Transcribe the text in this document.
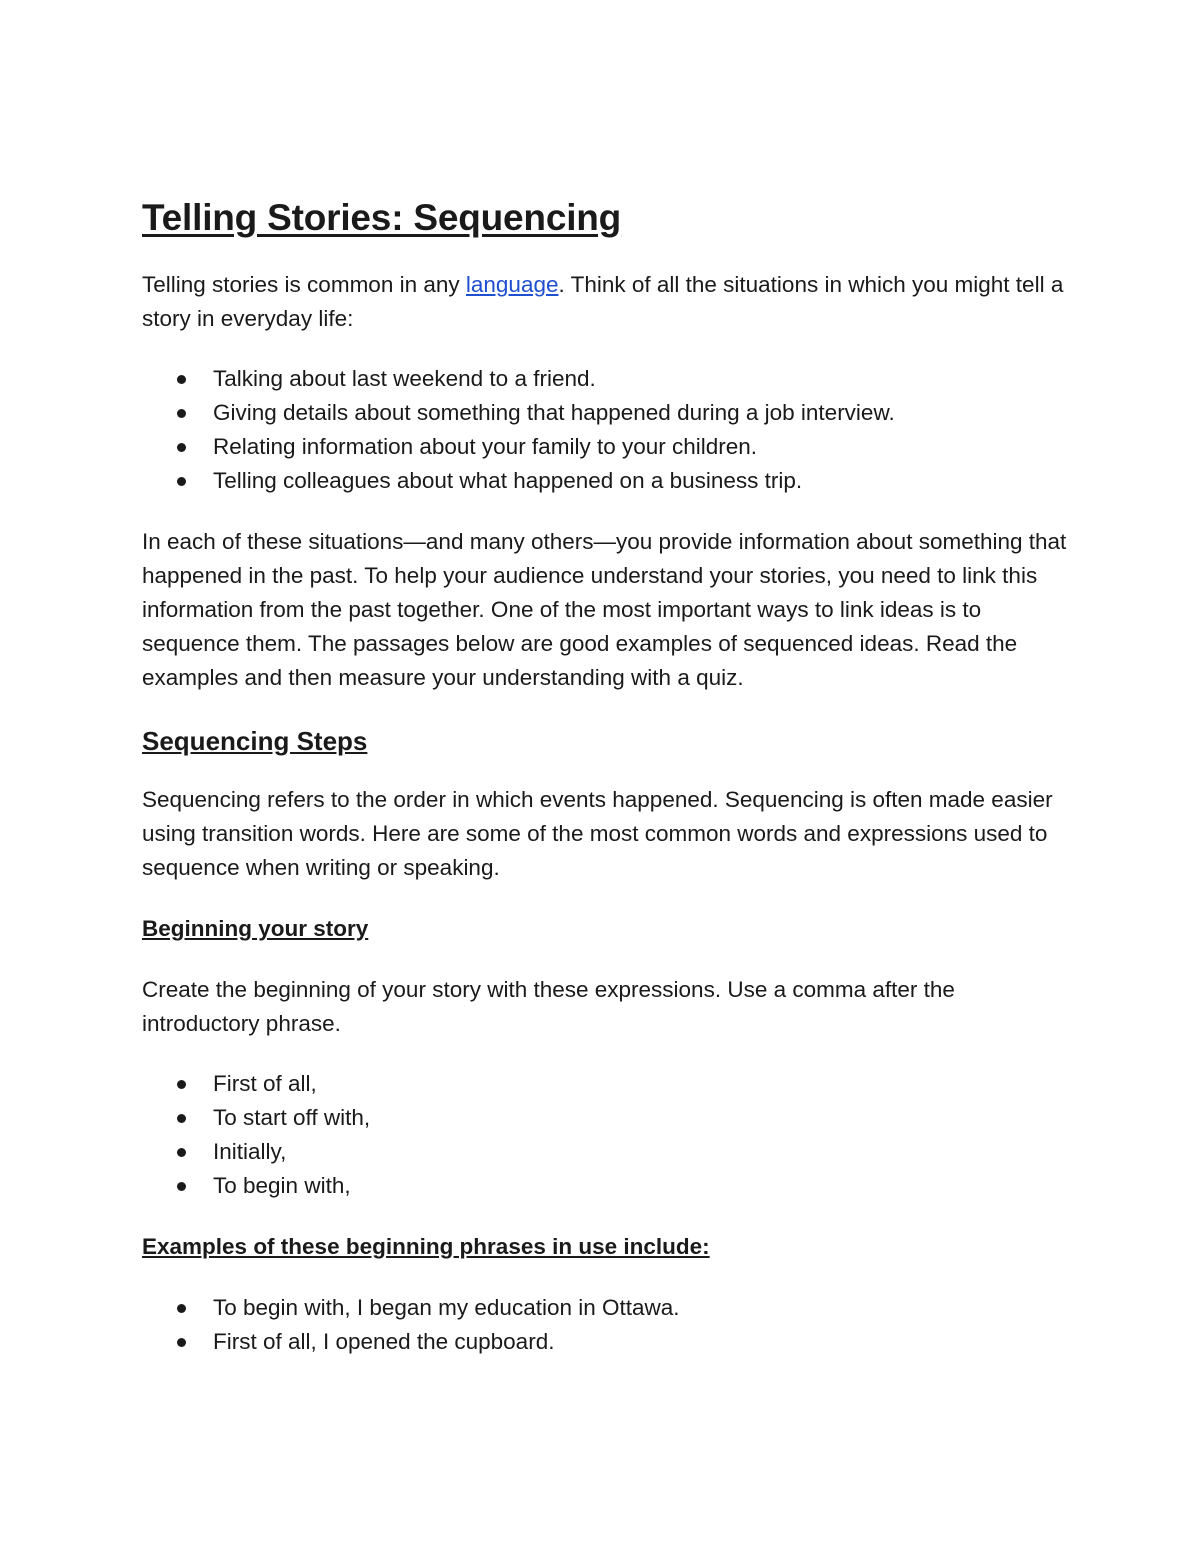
Telling Stories: Sequencing

Telling stories is common in any language. Think of all the situations in which you might tell a story in everyday life:

Talking about last weekend to a friend.
Giving details about something that happened during a job interview.
Relating information about your family to your children.
Telling colleagues about what happened on a business trip.

In each of these situations—and many others—you provide information about something that happened in the past. To help your audience understand your stories, you need to link this information from the past together. One of the most important ways to link ideas is to sequence them. The passages below are good examples of sequenced ideas. Read the examples and then measure your understanding with a quiz.

Sequencing Steps

Sequencing refers to the order in which events happened. Sequencing is often made easier using transition words. Here are some of the most common words and expressions used to sequence when writing or speaking.

Beginning your story

Create the beginning of your story with these expressions. Use a comma after the introductory phrase.

First of all,
To start off with,
Initially,
To begin with,
Examples of these beginning phrases in use include:
To begin with, I began my education in Ottawa.
First of all, I opened the cupboard.
